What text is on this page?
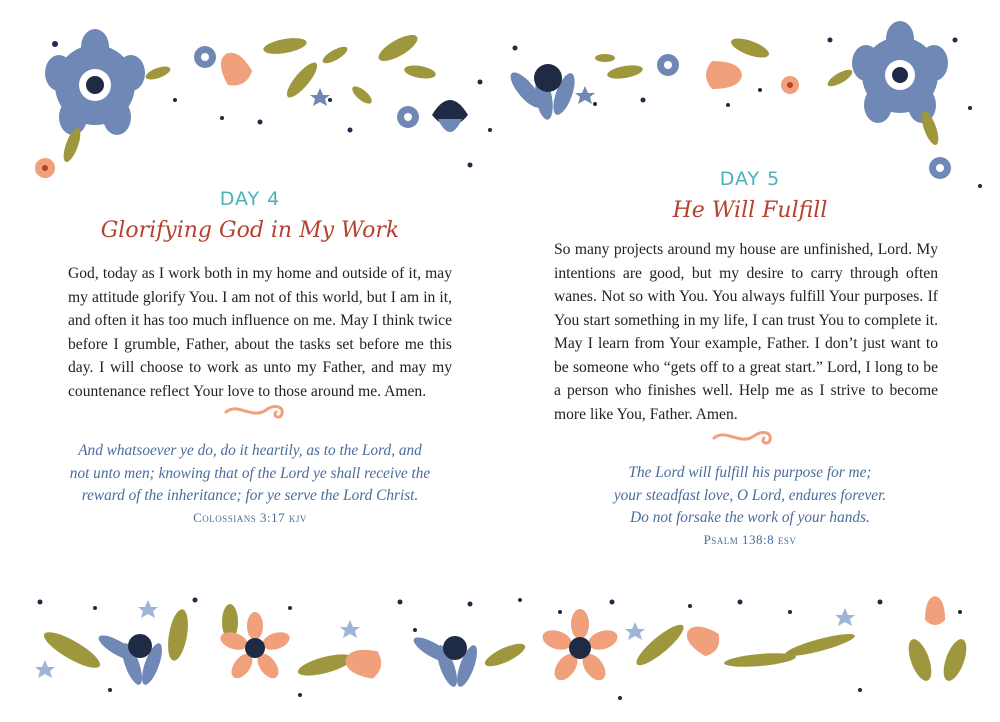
DAY 4
Glorifying God in My Work
God, today as I work both in my home and outside of it, may my attitude glorify You. I am not of this world, but I am in it, and often it has too much influence on me. May I think twice before I grumble, Father, about the tasks set before me this day. I will choose to work as unto my Father, and may my countenance reflect Your love to those around me. Amen.
And whatsoever ye do, do it heartily, as to the Lord, and
not unto men; knowing that of the Lord ye shall receive the
reward of the inheritance; for ye serve the Lord Christ.
Colossians 3:17 kjv
DAY 5
He Will Fulfill
So many projects around my house are unfinished, Lord. My intentions are good, but my desire to carry through often wanes. Not so with You. You always fulfill Your purposes. If You start something in my life, I can trust You to complete it. May I learn from Your example, Father. I don’t just want to be someone who “gets off to a great start.” Lord, I long to be a person who finishes well. Help me as I strive to become more like You, Father. Amen.
The Lord will fulfill his purpose for me;
your steadfast love, O Lord, endures forever.
Do not forsake the work of your hands.
Psalm 138:8 esv
